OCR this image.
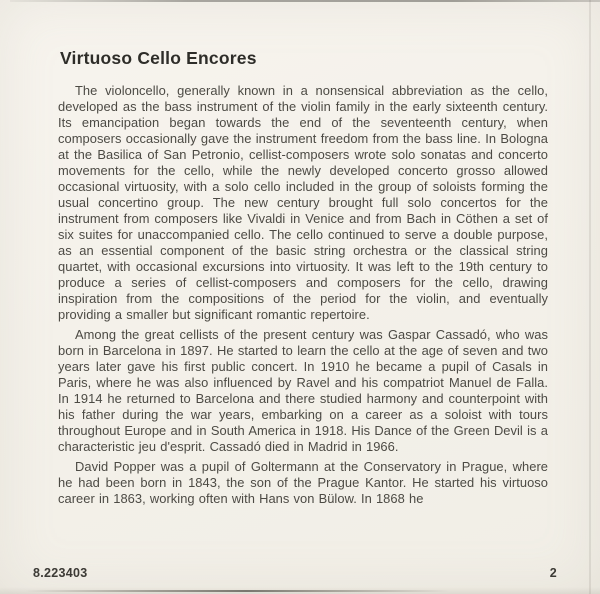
Virtuoso Cello Encores

The violoncello, generally known in a nonsensical abbreviation as the cello, developed as the bass instrument of the violin family in the early sixteenth century. Its emancipation began towards the end of the seventeenth century, when composers occasionally gave the instrument freedom from the bass line. In Bologna at the Basilica of San Petronio, cellist-composers wrote solo sonatas and concerto movements for the cello, while the newly developed concerto grosso allowed occasional virtuosity, with a solo cello included in the group of soloists forming the usual concertino group. The new century brought full solo concertos for the instrument from composers like Vivaldi in Venice and from Bach in Cöthen a set of six suites for unaccompanied cello. The cello continued to serve a double purpose, as an essential component of the basic string orchestra or the classical string quartet, with occasional excursions into virtuosity. It was left to the 19th century to produce a series of cellist-composers and composers for the cello, drawing inspiration from the compositions of the period for the violin, and eventually providing a smaller but significant romantic repertoire.

Among the great cellists of the present century was Gaspar Cassadó, who was born in Barcelona in 1897. He started to learn the cello at the age of seven and two years later gave his first public concert. In 1910 he became a pupil of Casals in Paris, where he was also influenced by Ravel and his compatriot Manuel de Falla. In 1914 he returned to Barcelona and there studied harmony and counterpoint with his father during the war years, embarking on a career as a soloist with tours throughout Europe and in South America in 1918. His Dance of the Green Devil is a characteristic jeu d'esprit. Cassadó died in Madrid in 1966.

David Popper was a pupil of Goltermann at the Conservatory in Prague, where he had been born in 1843, the son of the Prague Kantor. He started his virtuoso career in 1863, working often with Hans von Bülow. In 1868 he

8.223403	2
